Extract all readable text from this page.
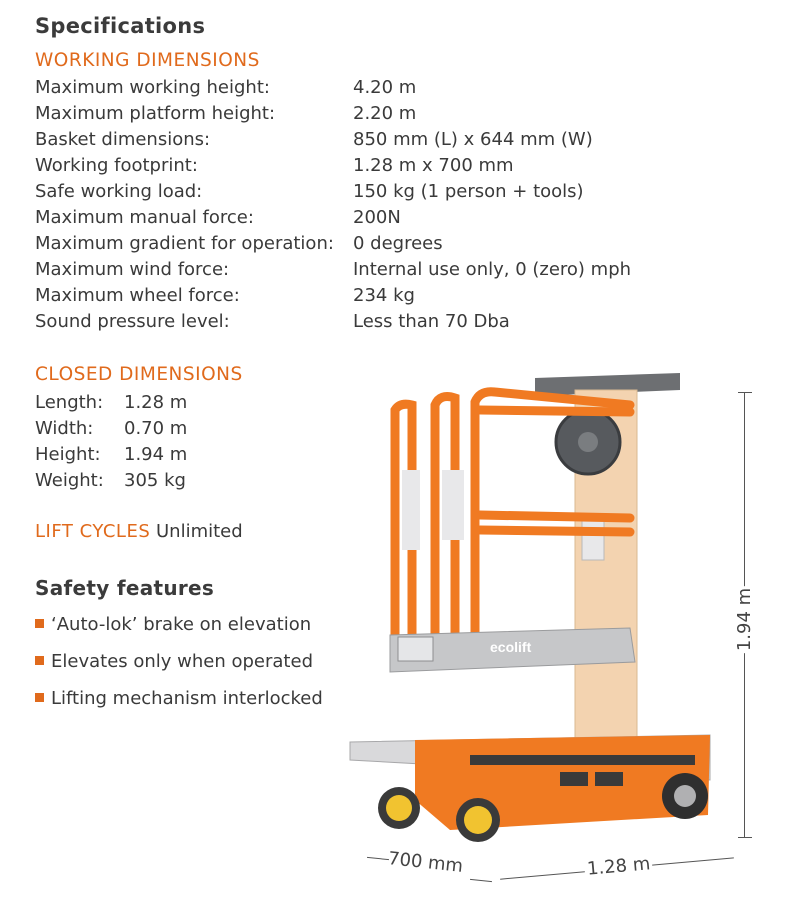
Specifications
WORKING DIMENSIONS
Maximum working height:	4.20 m
Maximum platform height:	2.20 m
Basket dimensions:	850 mm (L) x 644 mm (W)
Working footprint:	1.28 m x 700 mm
Safe working load:	150 kg (1 person + tools)
Maximum manual force:	200N
Maximum gradient for operation: 0 degrees
Maximum wind force:	Internal use only, 0 (zero) mph
Maximum wheel force:	234 kg
Sound pressure level:	Less than 70 Dba
CLOSED DIMENSIONS
Length: 1.28 m
Width: 0.70 m
Height: 1.94 m
Weight: 305 kg
LIFT CYCLES Unlimited
Safety features
‘Auto-lok’ brake on elevation
Elevates only when operated
Lifting mechanism interlocked
ecolift	1.94 m
700 mm	1.28 m
